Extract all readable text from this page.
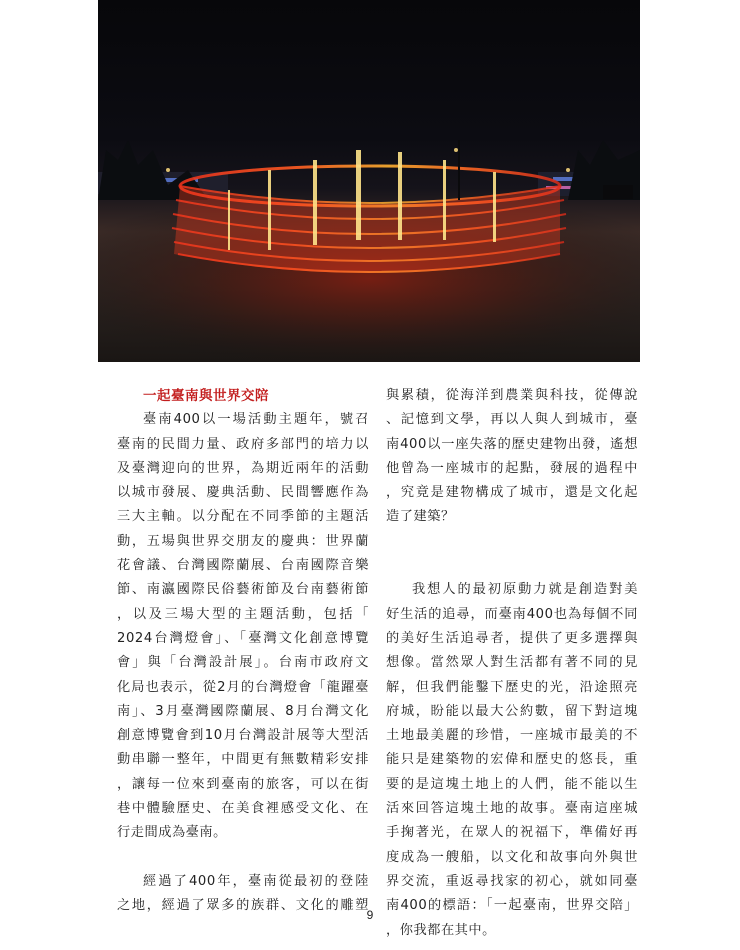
一起臺南與世界交陪

臺南400以一場活動主題年，號召

臺南的民間力量、政府多部門的培力以

及臺灣迎向的世界，為期近兩年的活動

以城市發展、慶典活動、民間響應作為

三大主軸。以分配在不同季節的主題活

動，五場與世界交朋友的慶典：世界蘭

花會議、台灣國際蘭展、台南國際音樂

節、南瀛國際民俗藝術節及台南藝術節

，以及三場大型的主題活動，包括「

2024台灣燈會」、「臺灣文化創意博覽

會」與「台灣設計展」。台南市政府文

化局也表示，從2月的台灣燈會「龍躍臺

南」、3月臺灣國際蘭展、8月台灣文化

創意博覽會到10月台灣設計展等大型活

動串聯一整年，中間更有無數精彩安排

，讓每一位來到臺南的旅客，可以在街

巷中體驗歷史、在美食裡感受文化、在

行走間成為臺南。

經過了400年，臺南從最初的登陸

之地，經過了眾多的族群、文化的雕塑

與累積，從海洋到農業與科技，從傳說

、記憶到文學，再以人與人到城市，臺

南400以一座失落的歷史建物出發，遙想

他曾為一座城市的起點，發展的過程中

，究竟是建物構成了城市，還是文化起

造了建築？

我想人的最初原動力就是創造對美

好生活的追尋，而臺南400也為每個不同

的美好生活追尋者，提供了更多選擇與

想像。當然眾人對生活都有著不同的見

解，但我們能鑿下歷史的光，沿途照亮

府城，盼能以最大公約數，留下對這塊

土地最美麗的珍惜，一座城市最美的不

能只是建築物的宏偉和歷史的悠長，重

要的是這塊土地上的人們，能不能以生

活來回答這塊土地的故事。臺南這座城

手掬著光，在眾人的祝福下，準備好再

度成為一艘船，以文化和故事向外與世

界交流，重返尋找家的初心，就如同臺

南400的標語：「一起臺南，世界交陪」

，你我都在其中。

9
